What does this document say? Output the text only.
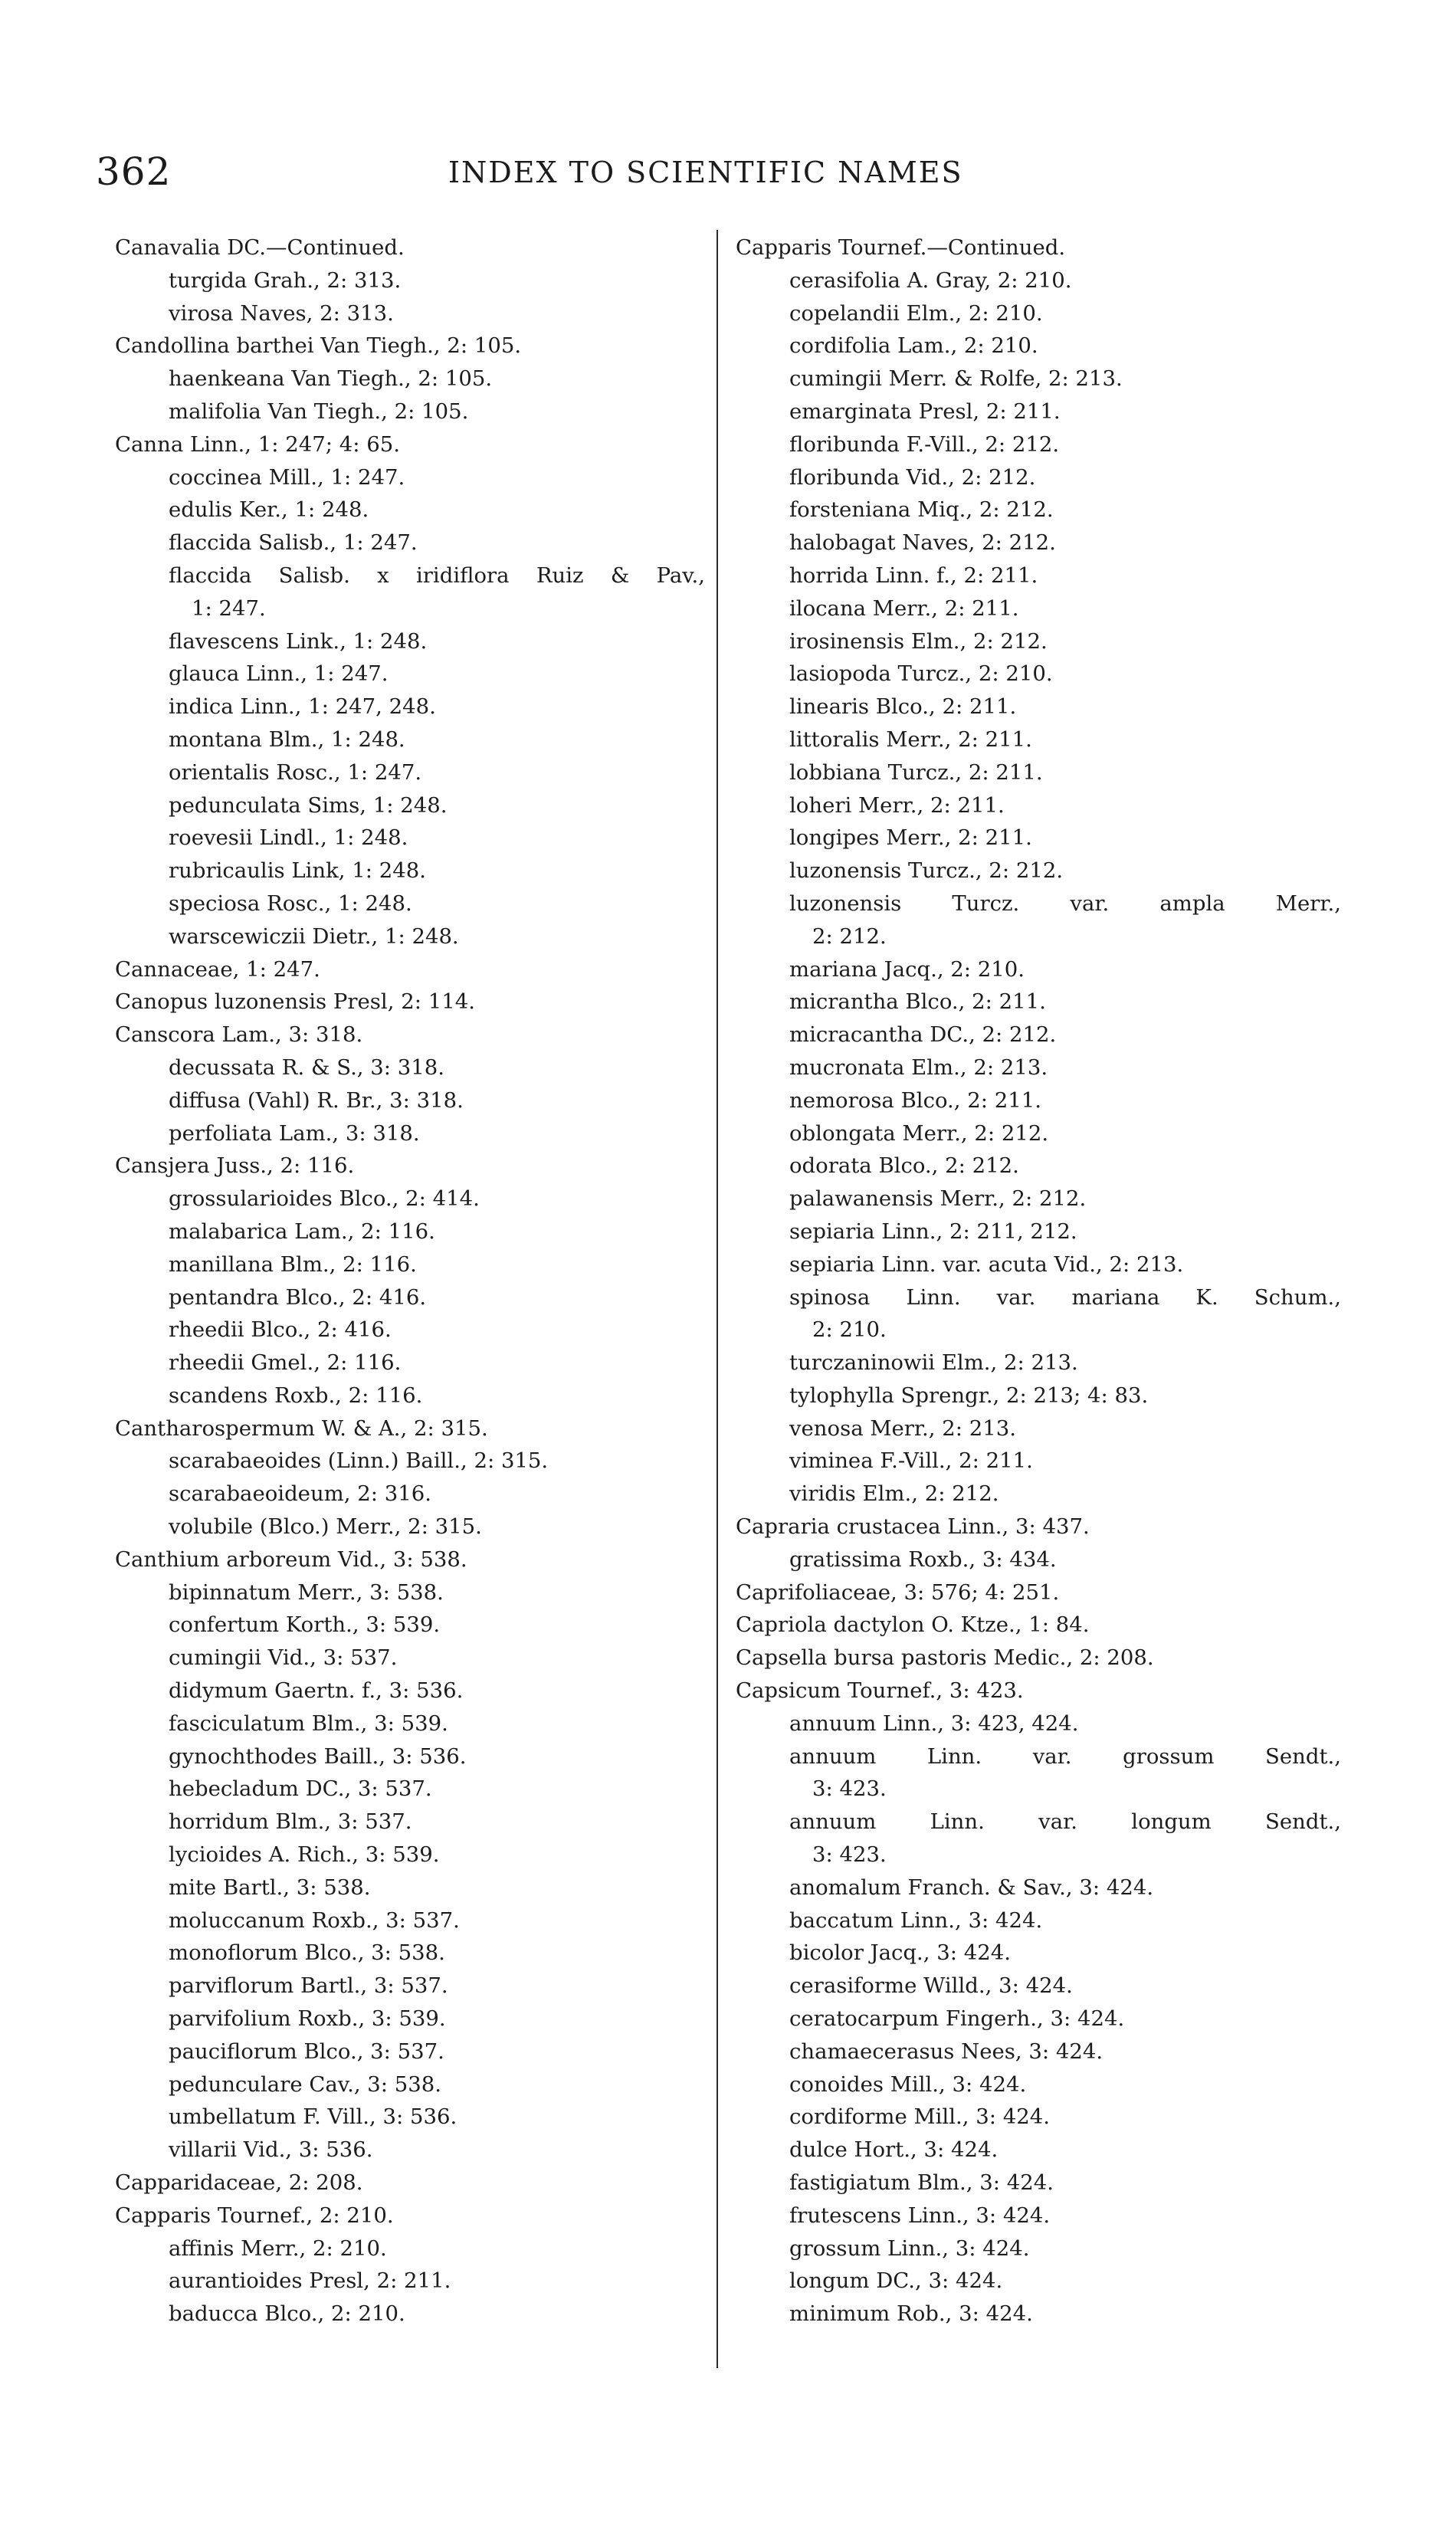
362	INDEX TO SCIENTIFIC NAMES
Canavalia DC.—Continued.
turgida Grah., 2: 313.
virosa Naves, 2: 313.
Candollina barthei Van Tiegh., 2: 105.
haenkeana Van Tiegh., 2: 105.
malifolia Van Tiegh., 2: 105.
Canna Linn., 1: 247; 4: 65.
coccinea Mill., 1: 247.
edulis Ker., 1: 248.
flaccida Salisb., 1: 247.
flaccida Salisb. x iridiflora Ruiz & Pav.,
1: 247.
flavescens Link., 1: 248.
glauca Linn., 1: 247.
indica Linn., 1: 247, 248.
montana Blm., 1: 248.
orientalis Rosc., 1: 247.
pedunculata Sims, 1: 248.
roevesii Lindl., 1: 248.
rubricaulis Link, 1: 248.
speciosa Rosc., 1: 248.
warscewiczii Dietr., 1: 248.
Cannaceae, 1: 247.
Canopus luzonensis Presl, 2: 114.
Canscora Lam., 3: 318.
decussata R. & S., 3: 318.
diffusa (Vahl) R. Br., 3: 318.
perfoliata Lam., 3: 318.
Cansjera Juss., 2: 116.
grossularioides Blco., 2: 414.
malabarica Lam., 2: 116.
manillana Blm., 2: 116.
pentandra Blco., 2: 416.
rheedii Blco., 2: 416.
rheedii Gmel., 2: 116.
scandens Roxb., 2: 116.
Cantharospermum W. & A., 2: 315.
scarabaeoides (Linn.) Baill., 2: 315.
scarabaeoideum, 2: 316.
volubile (Blco.) Merr., 2: 315.
Canthium arboreum Vid., 3: 538.
bipinnatum Merr., 3: 538.
confertum Korth., 3: 539.
cumingii Vid., 3: 537.
didymum Gaertn. f., 3: 536.
fasciculatum Blm., 3: 539.
gynochthodes Baill., 3: 536.
hebecladum DC., 3: 537.
horridum Blm., 3: 537.
lycioides A. Rich., 3: 539.
mite Bartl., 3: 538.
moluccanum Roxb., 3: 537.
monoflorum Blco., 3: 538.
parviflorum Bartl., 3: 537.
parvifolium Roxb., 3: 539.
pauciflorum Blco., 3: 537.
pedunculare Cav., 3: 538.
umbellatum F. Vill., 3: 536.
villarii Vid., 3: 536.
Capparidaceae, 2: 208.
Capparis Tournef., 2: 210.
affinis Merr., 2: 210.
aurantioides Presl, 2: 211.
baducca Blco., 2: 210.
Capparis Tournef.—Continued.
cerasifolia A. Gray, 2: 210.
copelandii Elm., 2: 210.
cordifolia Lam., 2: 210.
cumingii Merr. & Rolfe, 2: 213.
emarginata Presl, 2: 211.
floribunda F.-Vill., 2: 212.
floribunda Vid., 2: 212.
forsteniana Miq., 2: 212.
halobagat Naves, 2: 212.
horrida Linn. f., 2: 211.
ilocana Merr., 2: 211.
irosinensis Elm., 2: 212.
lasiopoda Turcz., 2: 210.
linearis Blco., 2: 211.
littoralis Merr., 2: 211.
lobbiana Turcz., 2: 211.
loheri Merr., 2: 211.
longipes Merr., 2: 211.
luzonensis Turcz., 2: 212.
luzonensis Turcz. var. ampla Merr.,
2: 212.
mariana Jacq., 2: 210.
micrantha Blco., 2: 211.
micracantha DC., 2: 212.
mucronata Elm., 2: 213.
nemorosa Blco., 2: 211.
oblongata Merr., 2: 212.
odorata Blco., 2: 212.
palawanensis Merr., 2: 212.
sepiaria Linn., 2: 211, 212.
sepiaria Linn. var. acuta Vid., 2: 213.
spinosa Linn. var. mariana K. Schum.,
2: 210.
turczaninowii Elm., 2: 213.
tylophylla Sprengr., 2: 213; 4: 83.
venosa Merr., 2: 213.
viminea F.-Vill., 2: 211.
viridis Elm., 2: 212.
Capraria crustacea Linn., 3: 437.
gratissima Roxb., 3: 434.
Caprifoliaceae, 3: 576; 4: 251.
Capriola dactylon O. Ktze., 1: 84.
Capsella bursa pastoris Medic., 2: 208.
Capsicum Tournef., 3: 423.
annuum Linn., 3: 423, 424.
annuum Linn. var. grossum Sendt.,
3: 423.
annuum Linn. var. longum Sendt.,
3: 423.
anomalum Franch. & Sav., 3: 424.
baccatum Linn., 3: 424.
bicolor Jacq., 3: 424.
cerasiforme Willd., 3: 424.
ceratocarpum Fingerh., 3: 424.
chamaecerasus Nees, 3: 424.
conoides Mill., 3: 424.
cordiforme Mill., 3: 424.
dulce Hort., 3: 424.
fastigiatum Blm., 3: 424.
frutescens Linn., 3: 424.
grossum Linn., 3: 424.
longum DC., 3: 424.
minimum Rob., 3: 424.
